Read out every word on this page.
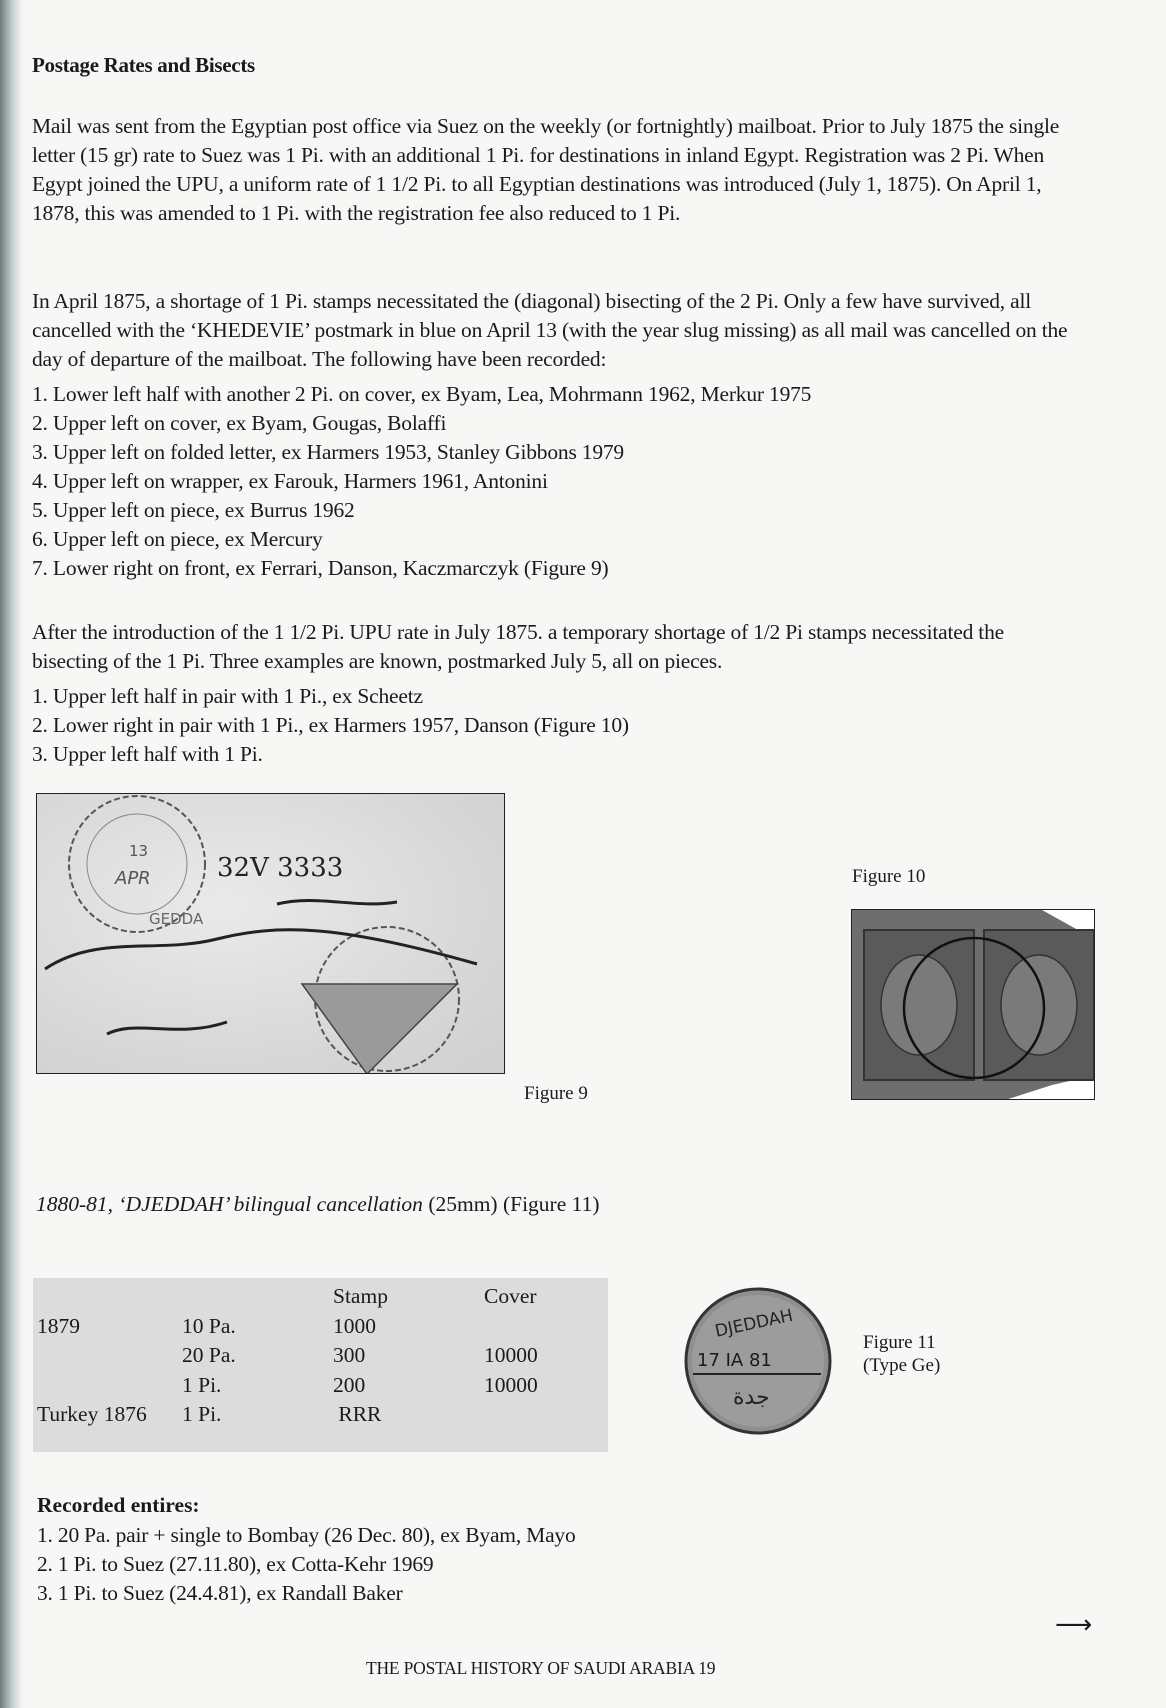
Postage Rates and Bisects

Mail was sent from the Egyptian post office via Suez on the weekly (or fortnightly) mailboat. Prior to July 1875 the single letter (15 gr) rate to Suez was 1 Pi. with an additional 1 Pi. for destinations in inland Egypt. Registration was 2 Pi. When Egypt joined the UPU, a uniform rate of 1 1/2 Pi. to all Egyptian destinations was introduced (July 1, 1875). On April 1, 1878, this was amended to 1 Pi. with the registration fee also reduced to 1 Pi.

In April 1875, a shortage of 1 Pi. stamps necessitated the (diagonal) bisecting of the 2 Pi. Only a few have survived, all cancelled with the ‘KHEDEVIE’ postmark in blue on April 13 (with the year slug missing) as all mail was cancelled on the day of departure of the mailboat. The following have been recorded:

1. Lower left half with another 2 Pi. on cover, ex Byam, Lea, Mohrmann 1962, Merkur 1975
2. Upper left on cover, ex Byam, Gougas, Bolaffi
3. Upper left on folded letter, ex Harmers 1953, Stanley Gibbons 1979
4. Upper left on wrapper, ex Farouk, Harmers 1961, Antonini
5. Upper left on piece, ex Burrus 1962
6. Upper left on piece, ex Mercury
7. Lower right on front, ex Ferrari, Danson, Kaczmarczyk (Figure 9)

After the introduction of the 1 1/2 Pi. UPU rate in July 1875. a temporary shortage of 1/2 Pi stamps necessitated the bisecting of the 1 Pi. Three examples are known, postmarked July 5, all on pieces.

1. Upper left half in pair with 1 Pi., ex Scheetz
2. Lower right in pair with 1 Pi., ex Harmers 1957, Danson (Figure 10)
3. Upper left half with 1 Pi.
13
APR
GEDDA
32V 3333
Figure 9
Figure 10
1880-81, ‘DJEDDAH’ bilingual cancellation (25mm) (Figure 11)
		Stamp	Cover
1879	10 Pa.	1000	
	20 Pa.	300	10000
	1 Pi.	200	10000
Turkey 1876	1 Pi.	RRR	
DJEDDAH
17 IA 81
جدة
Figure 11
(Type Ge)
Recorded entires:
1. 20 Pa. pair + single to Bombay (26 Dec. 80), ex Byam, Mayo
2. 1 Pi. to Suez (27.11.80), ex Cotta-Kehr 1969
3. 1 Pi. to Suez (24.4.81), ex Randall Baker
⟶
THE POSTAL HISTORY OF SAUDI ARABIA 19
